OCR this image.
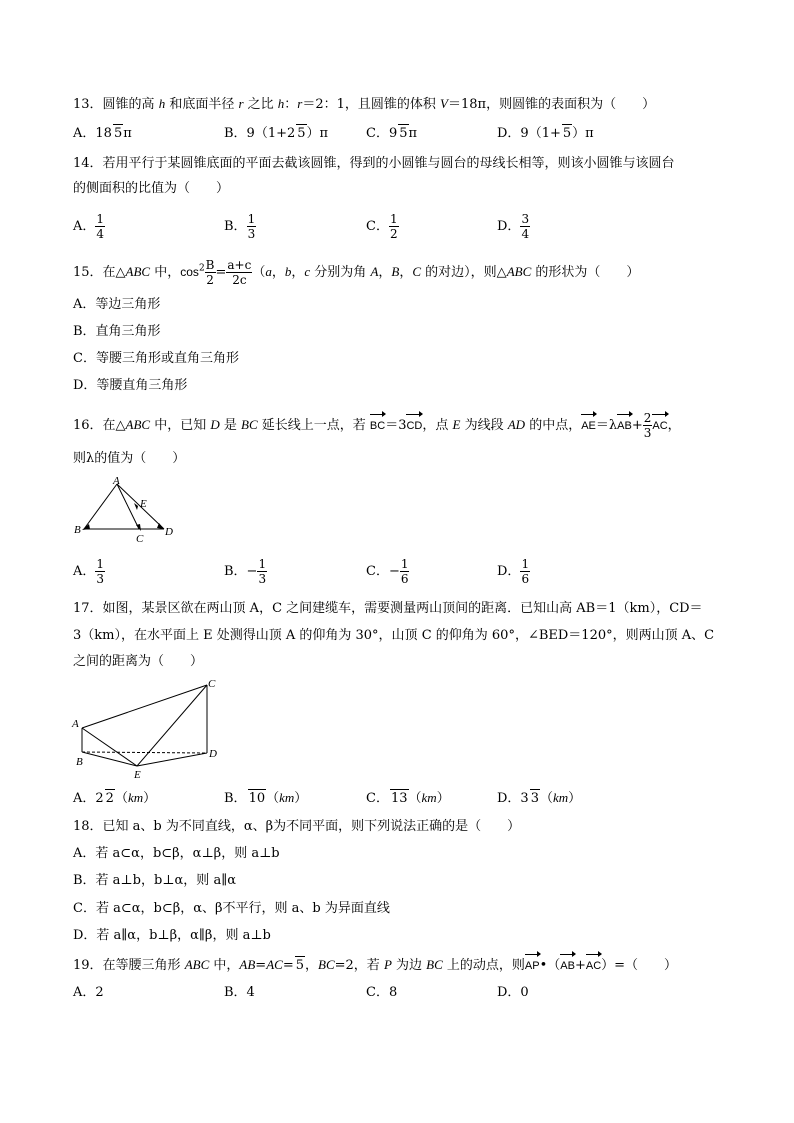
13．圆锥的高 h 和底面半径 r 之比 h：r＝2：1，且圆锥的体积 V＝18π，则圆锥的表面积为（　　）
A．18 5π	B．9（1+2 5）π	C．9 5π	D．9（1+ 5）π
14．若用平行于某圆锥底面的平面去截该圆锥，得到的小圆锥与圆台的母线长相等，则该小圆锥与该圆台
的侧面积的比值为（　　）
A． $\frac{1}{4}$	B． $\frac{1}{3}$	C． $\frac{1}{2}$	D． $\frac{3}{4}$
15．在△ABC 中，$\cos^2 \frac{B}{2} = \frac{a+c}{2c} (a$，b，c 分别为角 A，B，C 的对边），则△ABC 的形状为（　　）
A．等边三角形
B．直角三角形
C．等腰三角形或直角三角形
D．等腰直角三角形
16．在△ABC 中，已知 D 是 BC 延长线上一点，若 BC＝3CD，点 E 为线段 AD 的中点，$AE=\lambda AB+ \frac{2}{3}$ AC，
则λ的值为（　　）
A
B
C
D
E
A． $\frac{1}{3}$	B．− $\frac{1}{3}$	C．− $\frac{1}{6}$	D． $\frac{1}{6}$
17．如图，某景区欲在两山顶 A，C 之间建缆车，需要测量两山顶间的距离．已知山高 AB＝1（km），CD＝
3（km），在水平面上 E 处测得山顶 A 的仰角为 30°，山顶 C 的仰角为 60°，∠BED＝120°，则两山顶 A、C
之间的距离为（　　）
A
B
C
D
E
A．2 2（km）	B． 10（km）	C． 13（km）	D．3 3（km）
18．已知 a、b 为不同直线，α、β为不同平面，则下列说法正确的是（　　）
A．若 a⊂α，b⊂β，α⊥β，则 a⊥b
B．若 a⊥b，b⊥α，则 a∥α
C．若 a⊂α，b⊂β，α、β不平行，则 a、b 为异面直线
D．若 a∥α，b⊥β，α∥β，则 a⊥b
19．在等腰三角形 ABC 中，AB=AC= 5，BC=2，若 P 为边 BC 上的动点，则AP•（AB+AC）=（　　）
A．2	B．4	C．8	D．0
